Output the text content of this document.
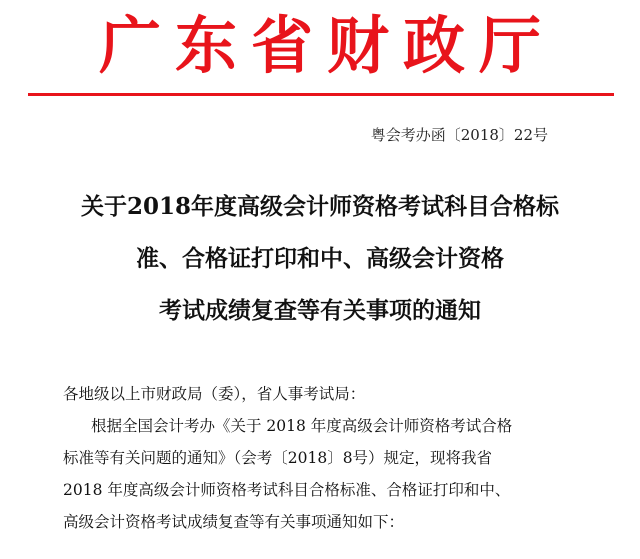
广东省财政厅
粤会考办函〔2018〕22号
关于2018年度高级会计师资格考试科目合格标
准、合格证打印和中、高级会计资格
考试成绩复查等有关事项的通知
各地级以上市财政局（委），省人事考试局：
根据全国会计考办《关于 2018 年度高级会计师资格考试合格
标准等有关问题的通知》（会考〔2018〕8号）规定，现将我省
2018 年度高级会计师资格考试科目合格标准、合格证打印和中、
高级会计资格考试成绩复查等有关事项通知如下：
